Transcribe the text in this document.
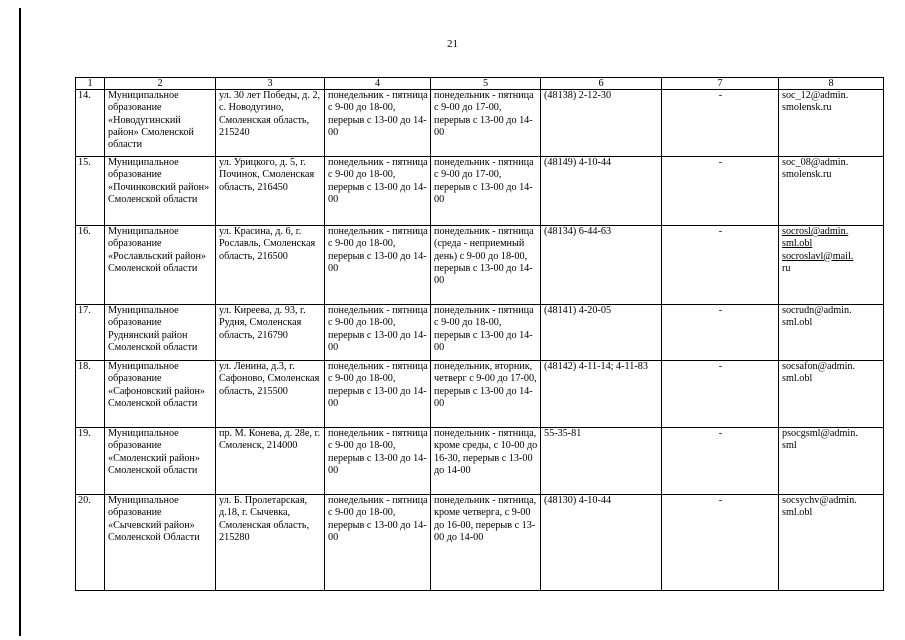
21
1	2	3	4	5	6	7	8
14.	Муниципальное образование «Новодугинский район» Смоленской области	ул. 30 лет Победы, д. 2, с. Новодугино, Смоленская область, 215240	понедельник - пятница с 9-00 до 18-00, перерыв с 13-00 до 14-00	понедельник - пятница с 9-00 до 17-00, перерыв с 13-00 до 14-00	(48138) 2-12-30	-	soc_12@admin.
smolensk.ru

15.	Муниципальное образование «Починковский район» Смоленской области	ул. Урицкого, д. 5, г. Починок, Смоленская область, 216450	понедельник - пятница с 9-00 до 18-00, перерыв с 13-00 до 14-00	понедельник - пятница с 9-00 до 17-00, перерыв с 13-00 до 14-00	(48149) 4-10-44	-	soc_08@admin.
smolensk.ru

16.	Муниципальное образование «Рославльский район» Смоленской области	ул. Красина, д. 6, г. Рославль, Смоленская область, 216500	понедельник - пятница с 9-00 до 18-00, перерыв с 13-00 до 14-00	понедельник - пятница (среда - неприемный день) с 9-00 до 18-00, перерыв с 13-00 до 14-00	(48134) 6-44-63	-	socrosl@admin.
sml.obl
socroslavl@mail.
ru

17.	Муниципальное образование Руднянский район Смоленской области	ул. Киреева, д. 93, г. Рудня, Смоленская область, 216790	понедельник - пятница с 9-00 до 18-00, перерыв с 13-00 до 14-00	понедельник - пятница с 9-00 до 18-00, перерыв с 13-00 до 14-00	(48141) 4-20-05	-	socrudn@admin.
sml.obl

18.	Муниципальное образование «Сафоновский район» Смоленской области	ул. Ленина, д.3, г. Сафоново, Смоленская область, 215500	понедельник - пятница с 9-00 до 18-00, перерыв с 13-00 до 14-00	понедельник, вторник, четверг с 9-00 до 17-00, перерыв с 13-00 до 14-00	(48142) 4-11-14; 4-11-83	-	socsafon@admin.
sml.obl

19.	Муниципальное образование «Смоленский район» Смоленской области	пр. М. Конева, д. 28е, г. Смоленск, 214000	понедельник - пятница с 9-00 до 18-00, перерыв с 13-00 до 14-00	понедельник - пятница, кроме среды, с 10-00 до 16-30, перерыв с 13-00 до 14-00	55-35-81	-	psocgsml@admin.
sml

20.	Муниципальное образование «Сычевский район» Смоленской Области	ул. Б. Пролетарская, д.18, г. Сычевка, Смоленская область, 215280	понедельник - пятница с 9-00 до 18-00, перерыв с 13-00 до 14-00	понедельник - пятница, кроме четверга, с 9-00 до 16-00, перерыв с 13-00 до 14-00	(48130) 4-10-44	-	socsychv@admin.
sml.obl
